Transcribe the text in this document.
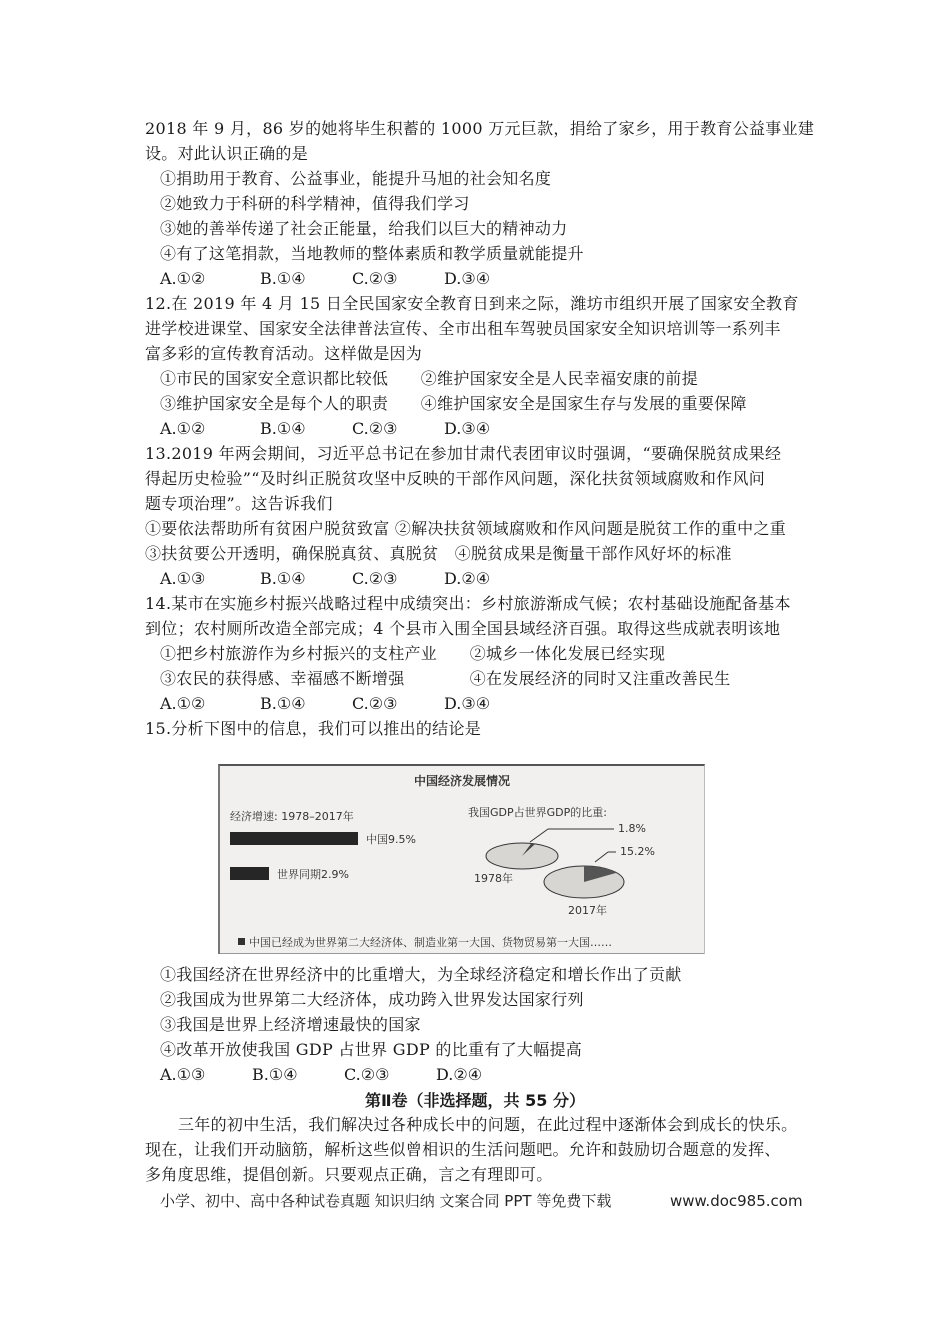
2018 年 9 月，86 岁的她将毕生积蓄的 1000 万元巨款，捐给了家乡，用于教育公益事业建
设。对此认识正确的是
①捐助用于教育、公益事业，能提升马旭的社会知名度
②她致力于科研的科学精神，值得我们学习
③她的善举传递了社会正能量，给我们以巨大的精神动力
④有了这笔捐款，当地教师的整体素质和教学质量就能提升
A.①②	B.①④	C.②③	D.③④
12.在 2019 年 4 月 15 日全民国家安全教育日到来之际，潍坊市组织开展了国家安全教育
进学校进课堂、国家安全法律普法宣传、全市出租车驾驶员国家安全知识培训等一系列丰
富多彩的宣传教育活动。这样做是因为
①市民的国家安全意识都比较低　　②维护国家安全是人民幸福安康的前提
③维护国家安全是每个人的职责　　④维护国家安全是国家生存与发展的重要保障
A.①②	B.①④	C.②③	D.③④
13.2019 年两会期间，习近平总书记在参加甘肃代表团审议时强调，“要确保脱贫成果经
得起历史检验”“及时纠正脱贫攻坚中反映的干部作风问题，深化扶贫领域腐败和作风问
题专项治理”。这告诉我们
①要依法帮助所有贫困户脱贫致富 ②解决扶贫领域腐败和作风问题是脱贫工作的重中之重
③扶贫要公开透明，确保脱真贫、真脱贫　④脱贫成果是衡量干部作风好坏的标准
A.①③	B.①④	C.②③	D.②④
14.某市在实施乡村振兴战略过程中成绩突出：乡村旅游渐成气候；农村基础设施配备基本
到位；农村厕所改造全部完成；4 个县市入围全国县域经济百强。取得这些成就表明该地
①把乡村旅游作为乡村振兴的支柱产业　　②城乡一体化发展已经实现
③农民的获得感、幸福感不断增强　　　　④在发展经济的同时又注重改善民生
A.①②	B.①④	C.②③	D.③④
15.分析下图中的信息，我们可以推出的结论是
中国经济发展情况
经济增速: 1978–2017年	我国GDP占世界GDP的比重:
中国9.5%
世界同期2.9%
1.8%
1978年
15.2%
2017年
中国已经成为世界第二大经济体、制造业第一大国、货物贸易第一大国……
①我国经济在世界经济中的比重增大，为全球经济稳定和增长作出了贡献
②我国成为世界第二大经济体，成功跨入世界发达国家行列
③我国是世界上经济增速最快的国家
④改革开放使我国 GDP 占世界 GDP 的比重有了大幅提高
A.①③	B.①④	C.②③	D.②④
第Ⅱ卷（非选择题，共 55 分）
三年的初中生活，我们解决过各种成长中的问题，在此过程中逐渐体会到成长的快乐。
现在，让我们开动脑筋，解析这些似曾相识的生活问题吧。允许和鼓励切合题意的发挥、
多角度思维，提倡创新。只要观点正确，言之有理即可。
小学、初中、高中各种试卷真题 知识归纳 文案合同 PPT 等免费下载	www.doc985.com
